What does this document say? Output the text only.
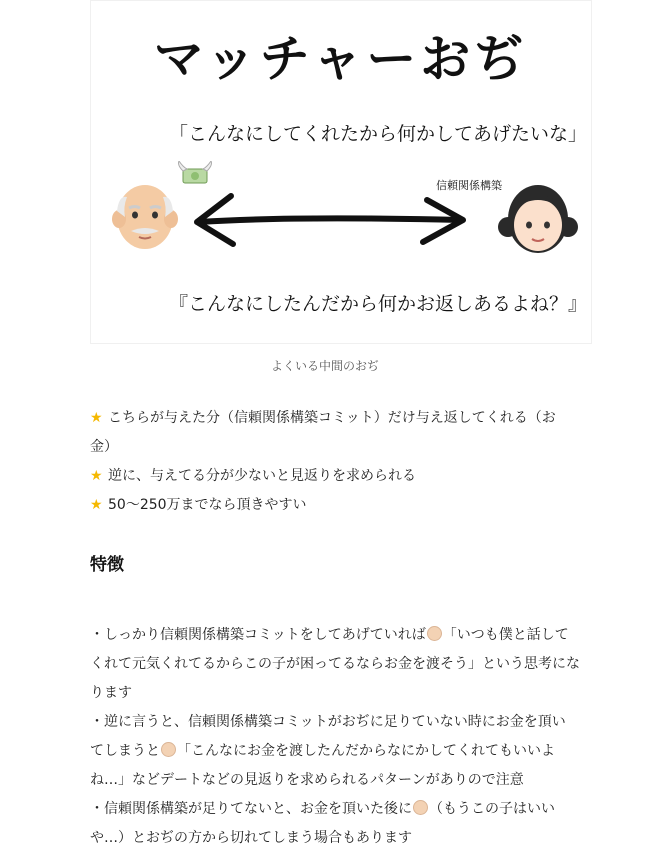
マッチャーおぢ
「こんなにしてくれたから何かしてあげたいな」
信頼関係構築
『こんなにしたんだから何かお返しあるよね？』
よくいる中間のおぢ
★ こちらが与えた分（信頼関係構築コミット）だけ与え返してくれる（お
金）
★ 逆に、与えてる分が少ないと見返りを求められる
★ 50〜250万までなら頂きやすい
特徴
・しっかり信頼関係構築コミットをしてあげていれば 「いつも僕と話して
くれて元気くれてるからこの子が困ってるならお金を渡そう」という思考にな
ります
・逆に言うと、信頼関係構築コミットがおぢに足りていない時にお金を頂い
てしまうと 「こんなにお金を渡したんだからなにかしてくれてもいいよ
ね…」などデートなどの見返りを求められるパターンがありので注意
・信頼関係構築が足りてないと、お金を頂いた後に （もうこの子はいい
や…）とおぢの方から切れてしまう場合もあります
